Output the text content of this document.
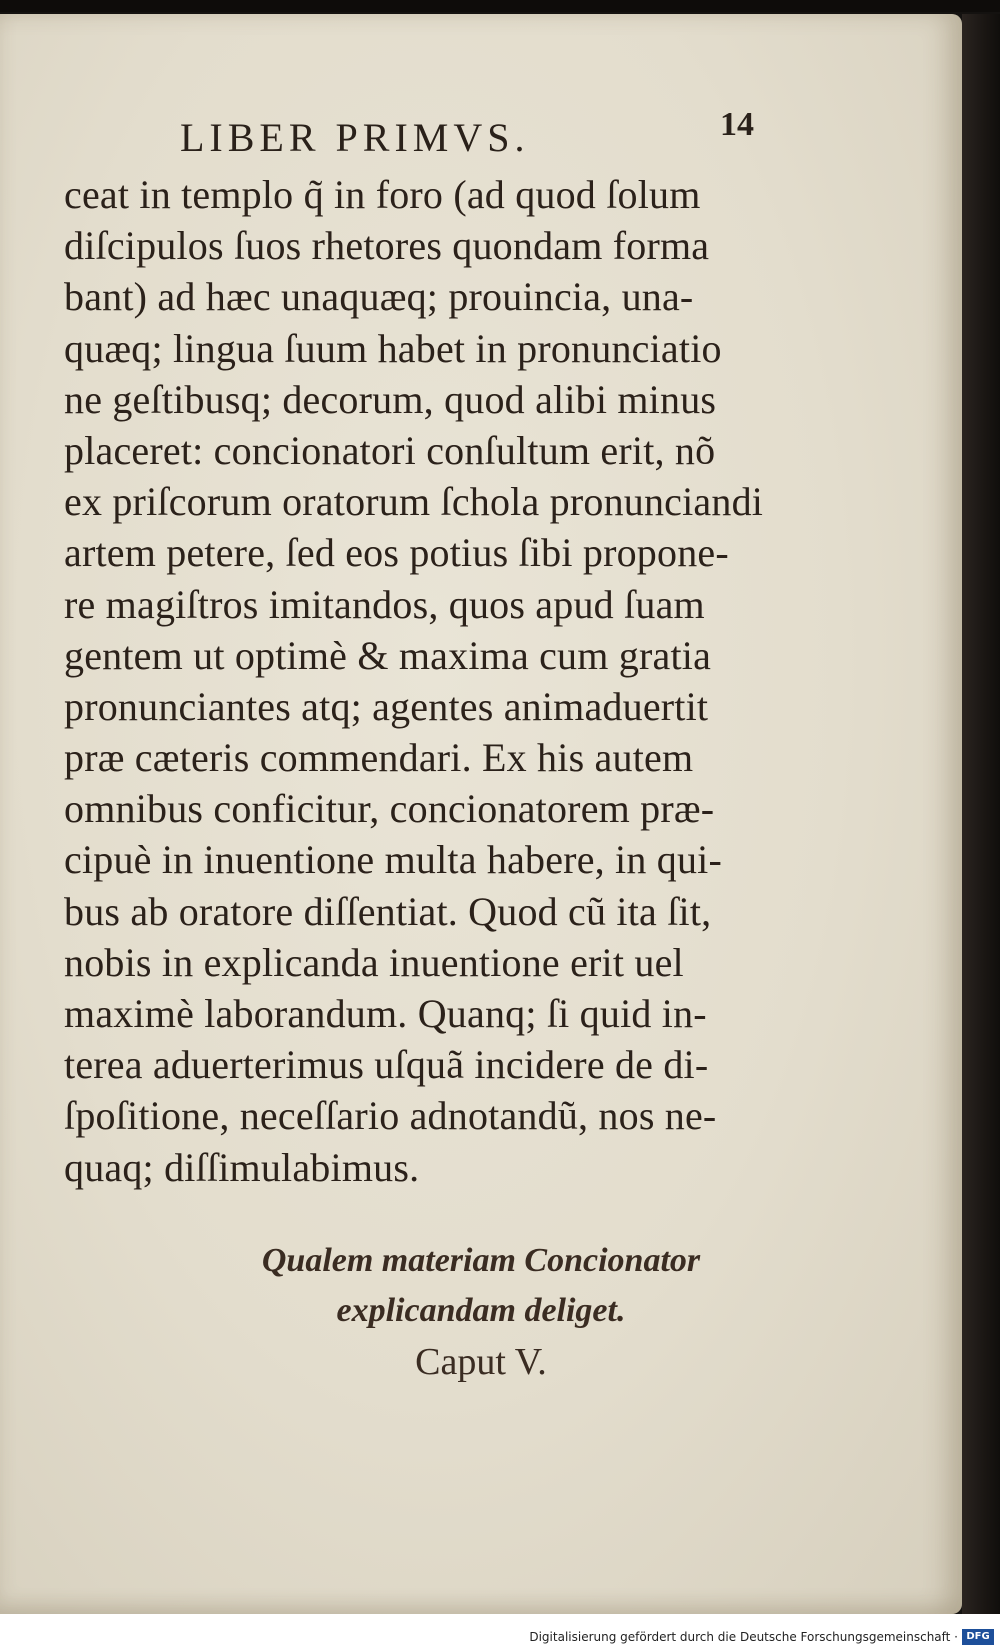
LIBER PRIMVS.	14
ceat in templo q̃ in foro (ad quod ſolum
diſcipulos ſuos rhetores quondam forma
bant) ad hæc unaquæq; prouincia, una-
quæq; lingua ſuum habet in pronunciatio
ne geſtibusq; decorum, quod alibi minus
placeret: concionatori conſultum erit, nõ
ex priſcorum oratorum ſchola pronunciandi
artem petere, ſed eos potius ſibi propone-
re magiſtros imitandos, quos apud ſuam
gentem ut optimè & maxima cum gratia
pronunciantes atq; agentes animaduertit
præ cæteris commendari. Ex his autem
omnibus conficitur, concionatorem præ-
cipuè in inuentione multa habere, in qui-
bus ab oratore diſſentiat. Quod cũ ita ſit,
nobis in explicanda inuentione erit uel
maximè laborandum. Quanq; ſi quid in-
terea aduerterimus uſquã incidere de di-
ſpoſitione, neceſſario adnotandũ, nos ne-
quaq; diſſimulabimus.
Qualem materiam Concionator
explicandam deliget.
Caput V.
Digitalisierung gefördert durch die Deutsche Forschungsgemeinschaft · DFG
